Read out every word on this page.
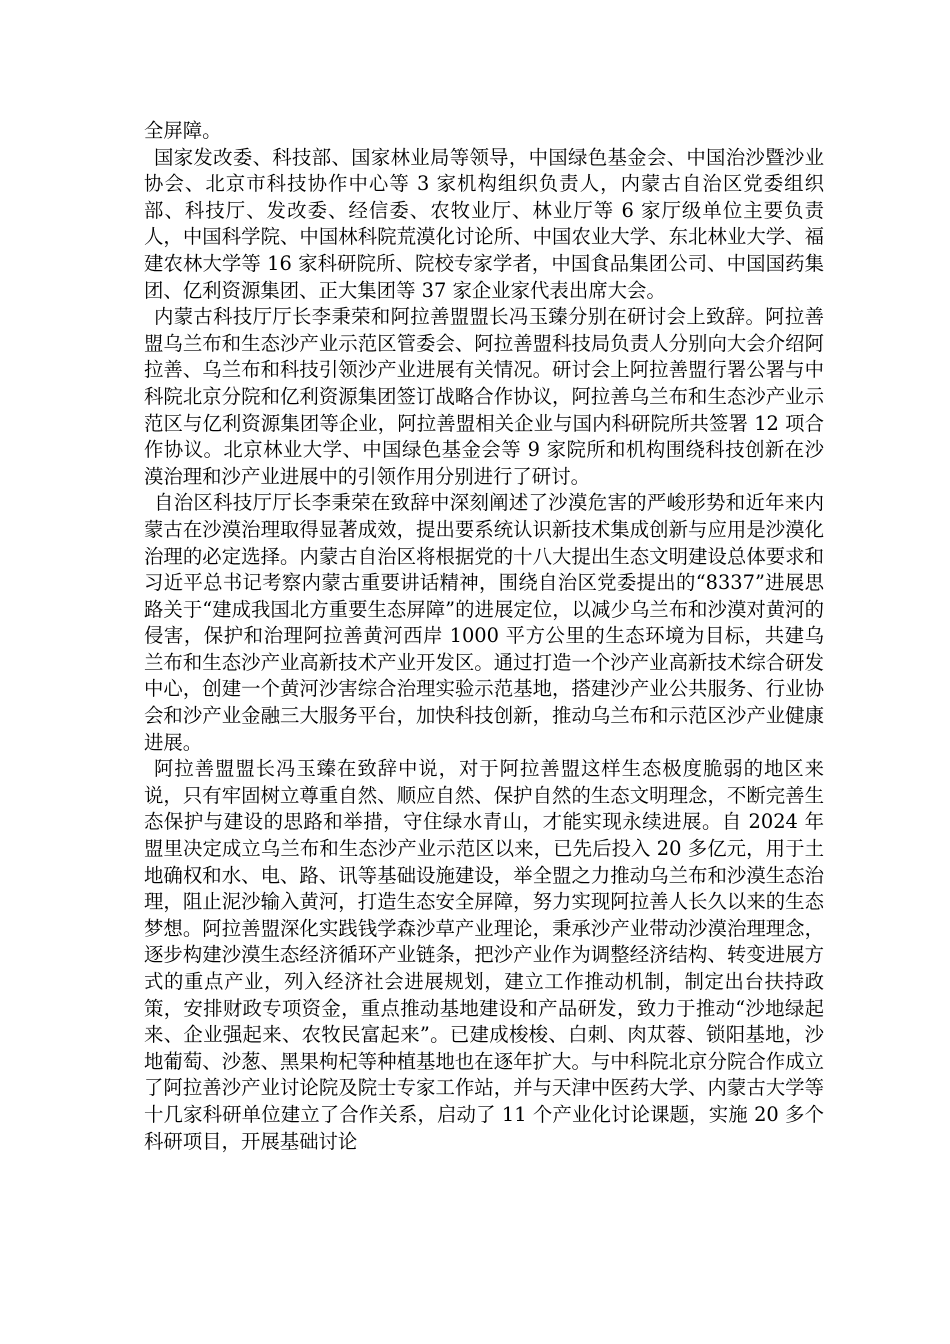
全屏障。

国家发改委、科技部、国家林业局等领导，中国绿色基金会、中国治沙暨沙业协会、北京市科技协作中心等 3 家机构组织负责人，内蒙古自治区党委组织部、科技厅、发改委、经信委、农牧业厅、林业厅等 6 家厅级单位主要负责人，中国科学院、中国林科院荒漠化讨论所、中国农业大学、东北林业大学、福建农林大学等 16 家科研院所、院校专家学者，中国食品集团公司、中国国药集团、亿利资源集团、正大集团等 37 家企业家代表出席大会。

内蒙古科技厅厅长李秉荣和阿拉善盟盟长冯玉臻分别在研讨会上致辞。阿拉善盟乌兰布和生态沙产业示范区管委会、阿拉善盟科技局负责人分别向大会介绍阿拉善、乌兰布和科技引领沙产业进展有关情况。研讨会上阿拉善盟行署公署与中科院北京分院和亿利资源集团签订战略合作协议，阿拉善乌兰布和生态沙产业示范区与亿利资源集团等企业，阿拉善盟相关企业与国内科研院所共签署 12 项合作协议。北京林业大学、中国绿色基金会等 9 家院所和机构围绕科技创新在沙漠治理和沙产业进展中的引领作用分别进行了研讨。

自治区科技厅厅长李秉荣在致辞中深刻阐述了沙漠危害的严峻形势和近年来内蒙古在沙漠治理取得显著成效，提出要系统认识新技术集成创新与应用是沙漠化治理的必定选择。内蒙古自治区将根据党的十八大提出生态文明建设总体要求和习近平总书记考察内蒙古重要讲话精神，围绕自治区党委提出的“8337”进展思路关于“建成我国北方重要生态屏障”的进展定位，以减少乌兰布和沙漠对黄河的侵害，保护和治理阿拉善黄河西岸 1000 平方公里的生态环境为目标，共建乌兰布和生态沙产业高新技术产业开发区。通过打造一个沙产业高新技术综合研发中心，创建一个黄河沙害综合治理实验示范基地，搭建沙产业公共服务、行业协会和沙产业金融三大服务平台，加快科技创新，推动乌兰布和示范区沙产业健康进展。

阿拉善盟盟长冯玉臻在致辞中说，对于阿拉善盟这样生态极度脆弱的地区来说，只有牢固树立尊重自然、顺应自然、保护自然的生态文明理念，不断完善生态保护与建设的思路和举措，守住绿水青山，才能实现永续进展。自 2024 年盟里决定成立乌兰布和生态沙产业示范区以来，已先后投入 20 多亿元，用于土地确权和水、电、路、讯等基础设施建设，举全盟之力推动乌兰布和沙漠生态治理，阻止泥沙输入黄河，打造生态安全屏障，努力实现阿拉善人长久以来的生态梦想。阿拉善盟深化实践钱学森沙草产业理论，秉承沙产业带动沙漠治理理念，逐步构建沙漠生态经济循环产业链条，把沙产业作为调整经济结构、转变进展方式的重点产业，列入经济社会进展规划，建立工作推动机制，制定出台扶持政策，安排财政专项资金，重点推动基地建设和产品研发，致力于推动“沙地绿起来、企业强起来、农牧民富起来”。已建成梭梭、白刺、肉苁蓉、锁阳基地，沙地葡萄、沙葱、黑果枸杞等种植基地也在逐年扩大。与中科院北京分院合作成立了阿拉善沙产业讨论院及院士专家工作站，并与天津中医药大学、内蒙古大学等十几家科研单位建立了合作关系，启动了 11 个产业化讨论课题，实施 20 多个科研项目，开展基础讨论
